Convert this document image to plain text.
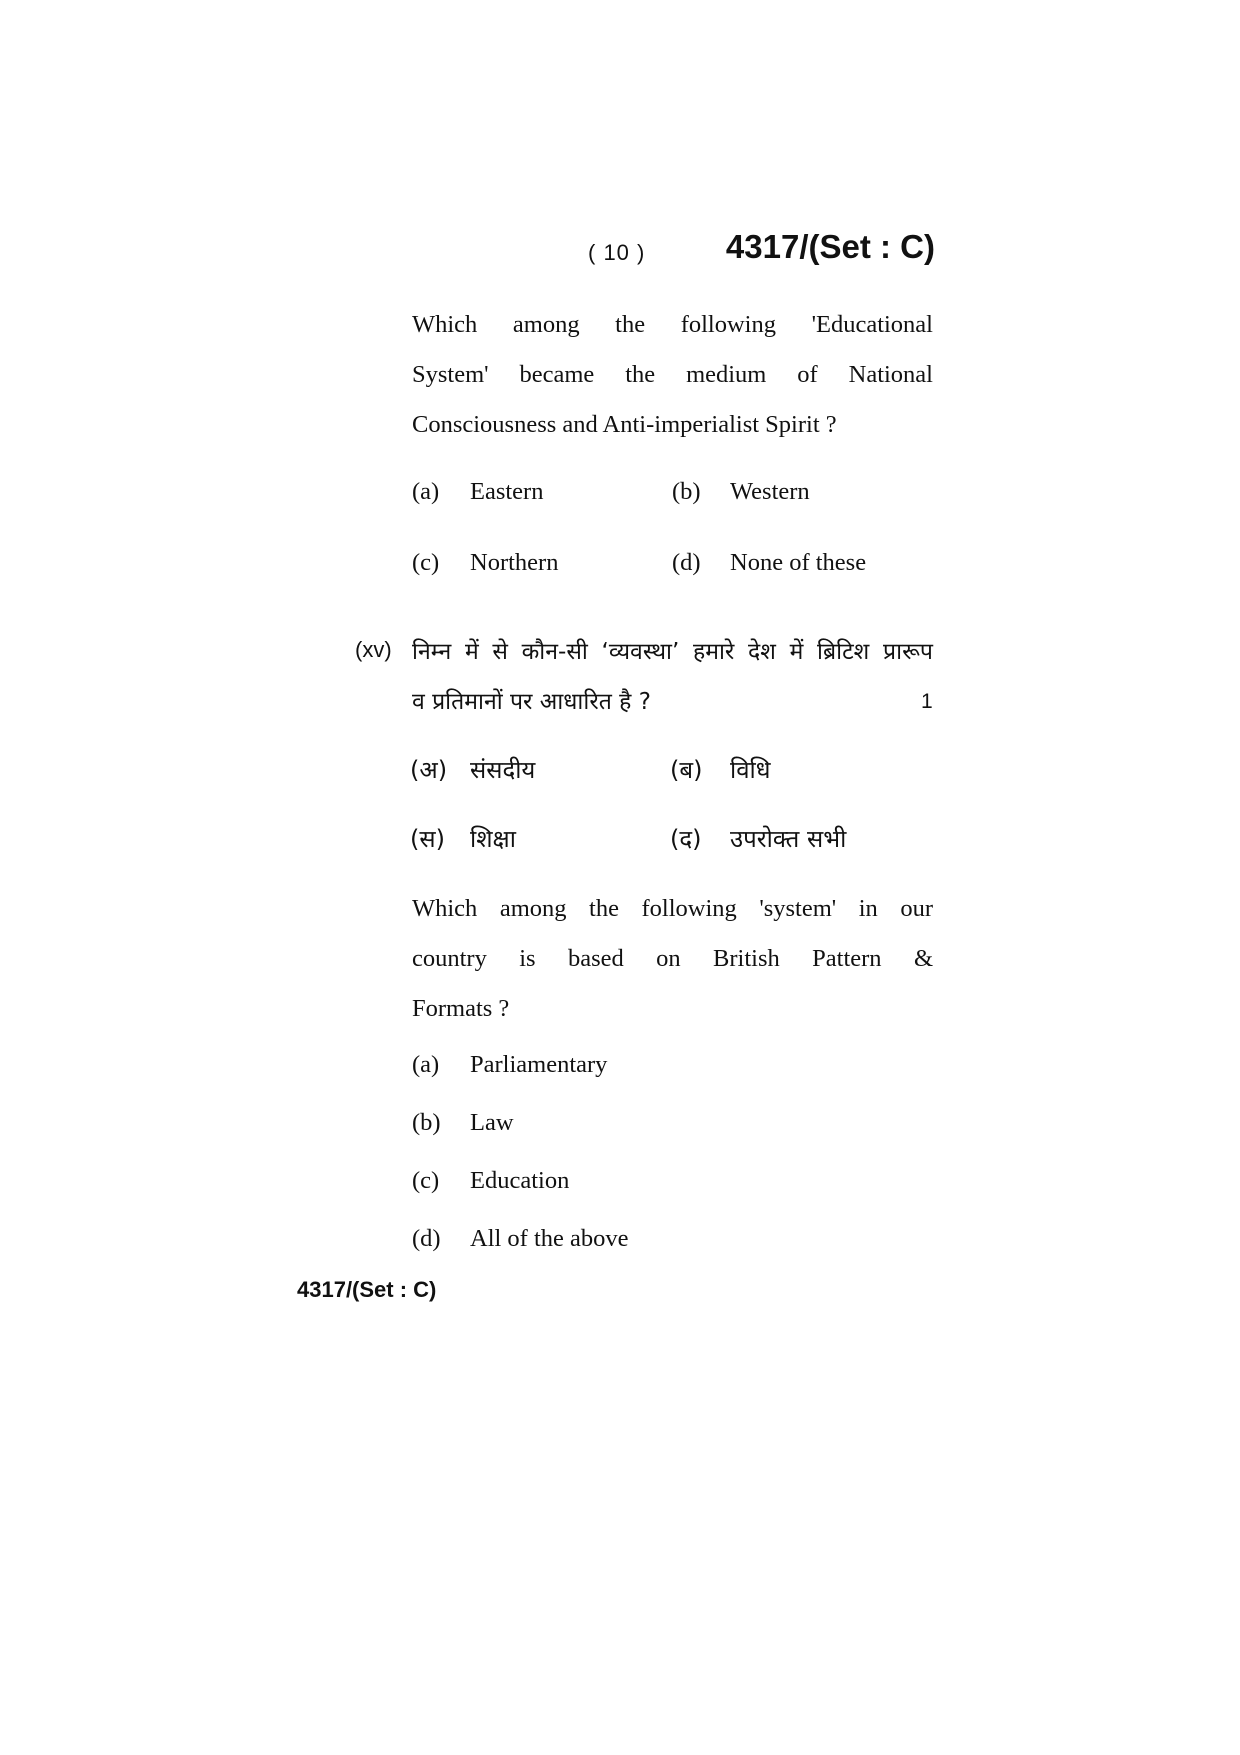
( 10 ) 4317/(Set : C)
Which among the following 'Educational
System' became the medium of National
Consciousness and Anti-imperialist Spirit ?
(a) Eastern	(b) Western
(c) Northern	(d) None of these
(xv) निम्न में से कौन-सी ‘व्यवस्था’ हमारे देश में ब्रिटिश प्रारूप
व प्रतिमानों पर आधारित है ?	1
(अ) संसदीय	(ब) विधि
(स) शिक्षा	(द) उपरोक्त सभी
Which among the following 'system' in our
country is based on British Pattern &
Formats ?
(a) Parliamentary
(b) Law
(c) Education
(d) All of the above
4317/(Set : C)
